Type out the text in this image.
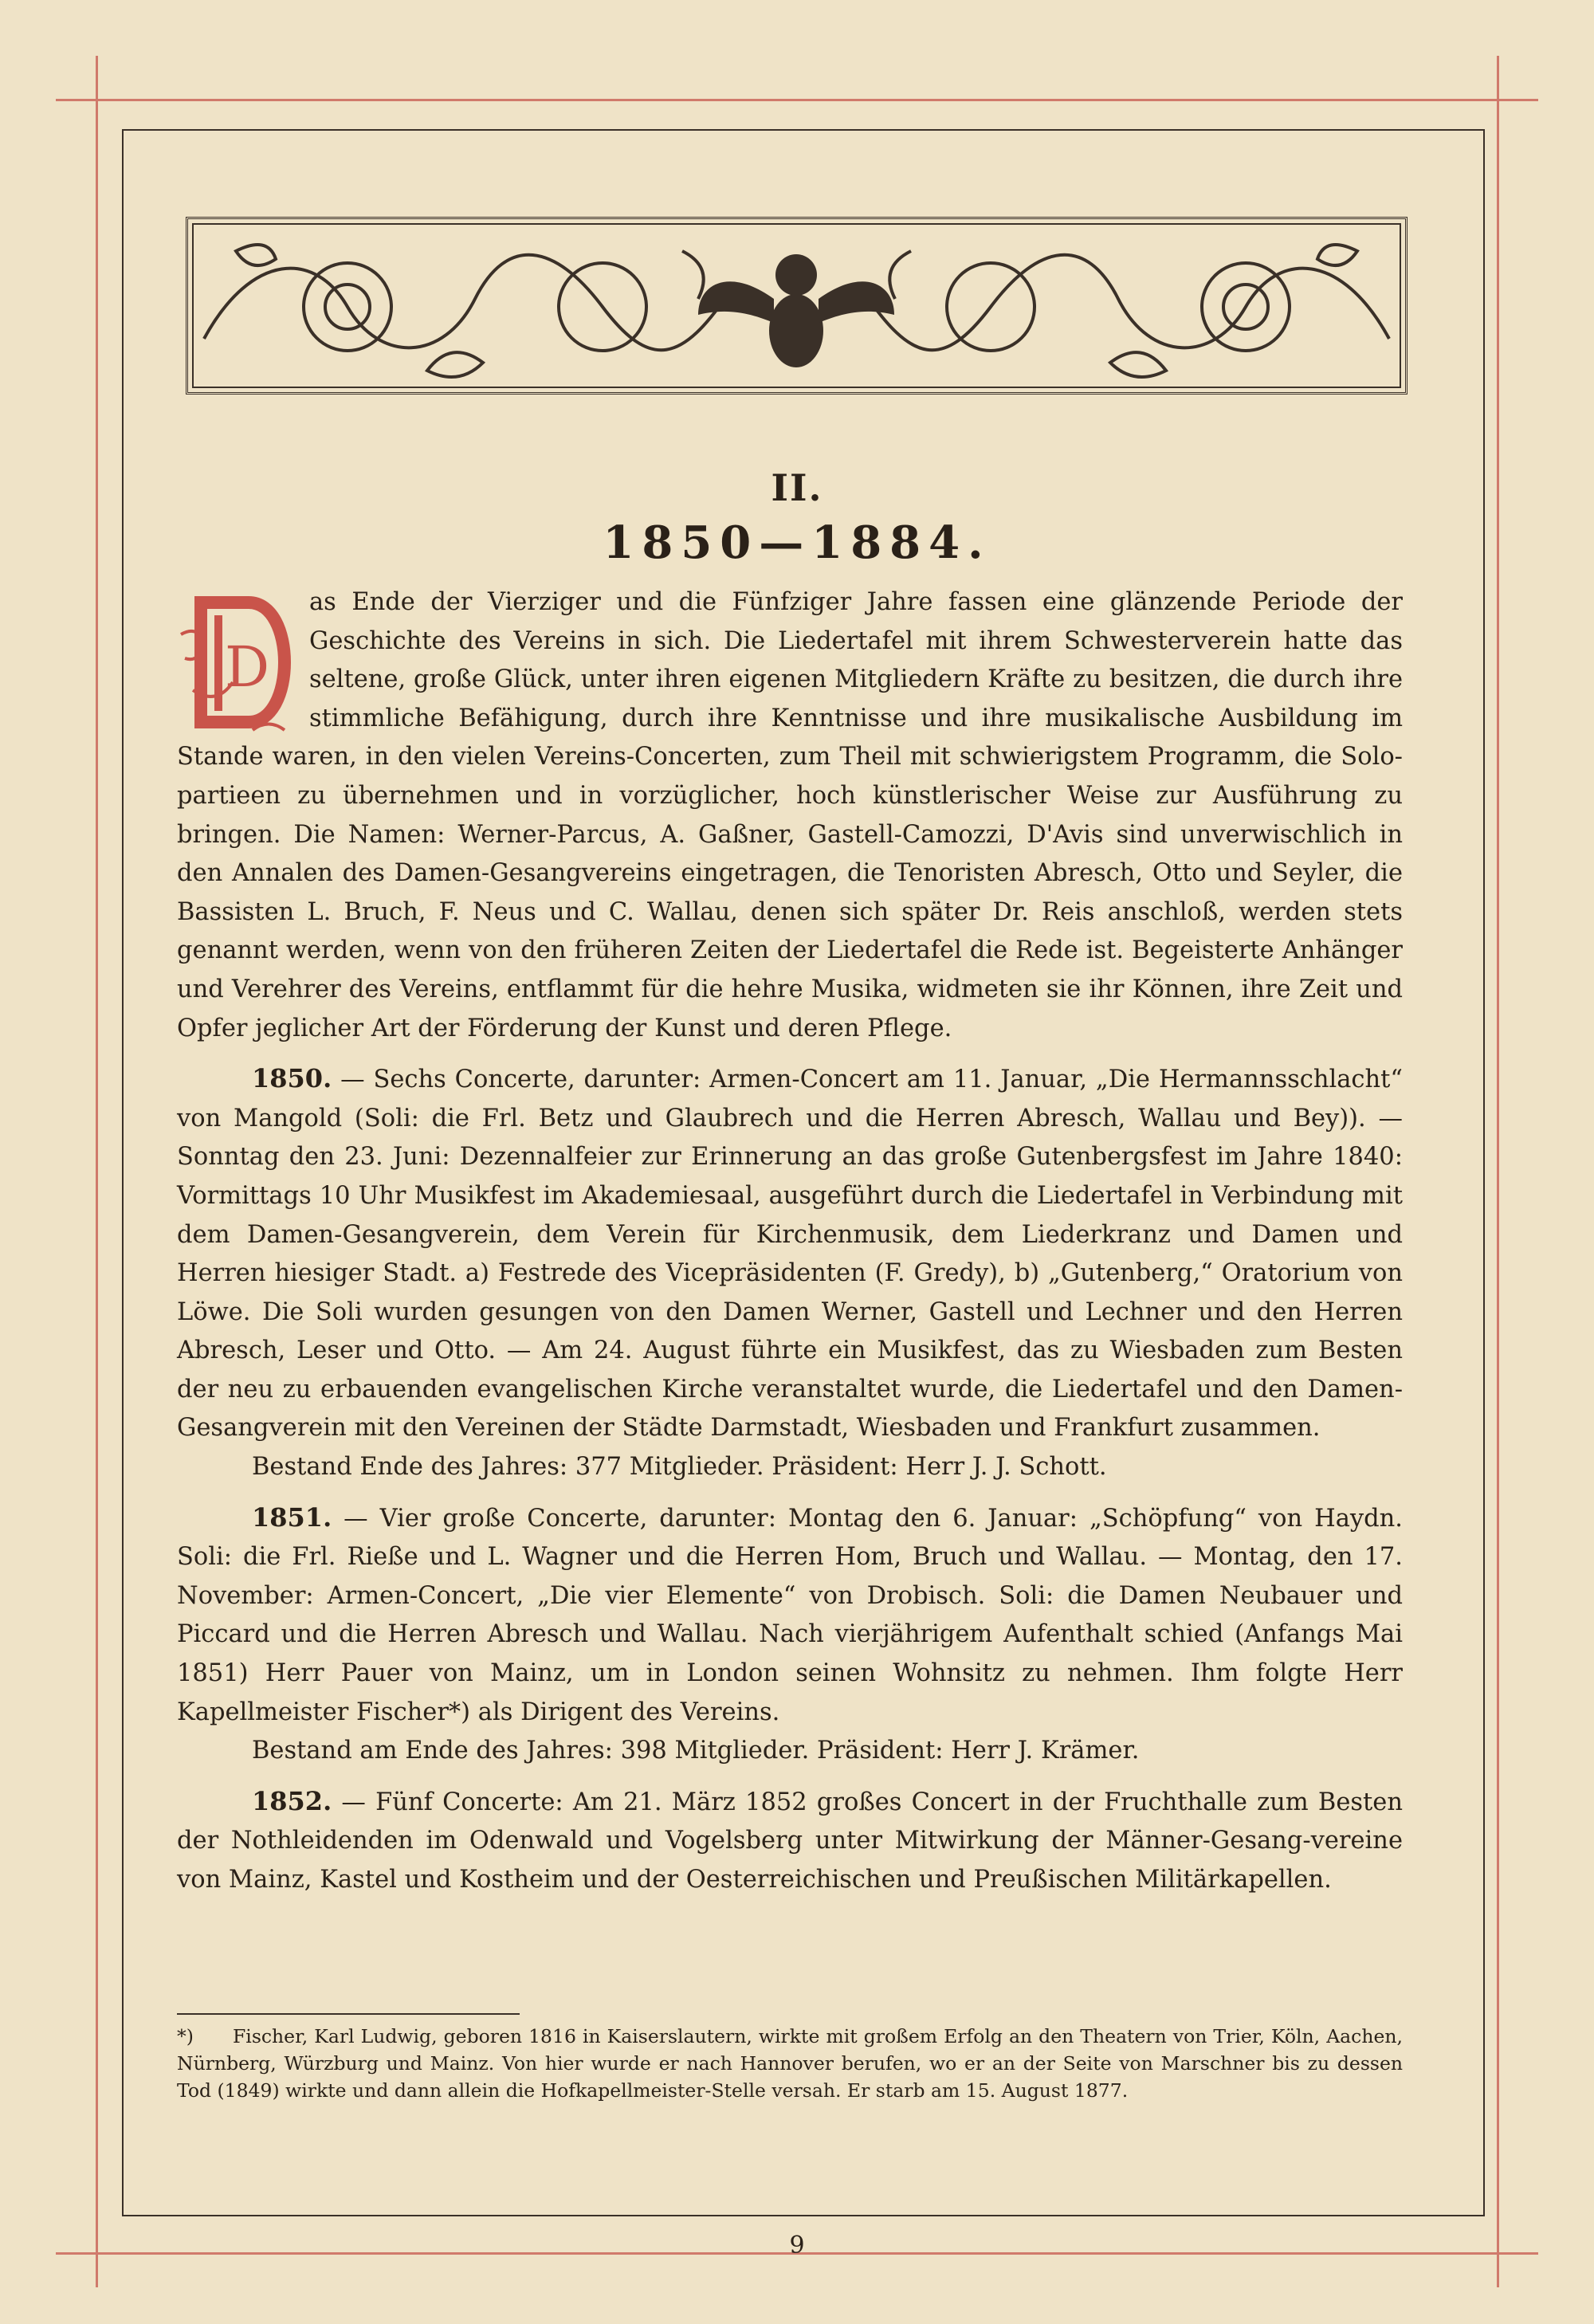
II.
1850—1884.

D
as Ende der Vierziger und die Fünfziger Jahre fassen eine glänzende Periode der Geschichte des Vereins in sich. Die Liedertafel mit ihrem Schwesterverein hatte das seltene, große Glück, unter ihren eigenen Mitgliedern Kräfte zu besitzen, die durch ihre stimmliche Befähigung, durch ihre Kenntnisse und ihre musikalische Ausbildung im Stande waren, in den vielen Vereins-Concerten, zum Theil mit schwierigstem Programm, die Solo-partieen zu übernehmen und in vorzüglicher, hoch künstlerischer Weise zur Ausführung zu bringen. Die Namen: Werner-Parcus, A. Gaßner, Gastell-Camozzi, D'Avis sind unverwischlich in den Annalen des Damen-Gesangvereins eingetragen, die Tenoristen Abresch, Otto und Seyler, die Bassisten L. Bruch, F. Neus und C. Wallau, denen sich später Dr. Reis anschloß, werden stets genannt werden, wenn von den früheren Zeiten der Liedertafel die Rede ist. Begeisterte Anhänger und Verehrer des Vereins, entflammt für die hehre Musika, widmeten sie ihr Können, ihre Zeit und Opfer jeglicher Art der Förderung der Kunst und deren Pflege.

1850. — Sechs Concerte, darunter: Armen-Concert am 11. Januar, „Die Hermannsschlacht“ von Mangold (Soli: die Frl. Betz und Glaubrech und die Herren Abresch, Wallau und Bey)). — Sonntag den 23. Juni: Dezennalfeier zur Erinnerung an das große Gutenbergsfest im Jahre 1840: Vormittags 10 Uhr Musikfest im Akademiesaal, ausgeführt durch die Liedertafel in Verbindung mit dem Damen-Gesangverein, dem Verein für Kirchenmusik, dem Liederkranz und Damen und Herren hiesiger Stadt. a) Festrede des Vicepräsidenten (F. Gredy), b) „Gutenberg,“ Oratorium von Löwe. Die Soli wurden gesungen von den Damen Werner, Gastell und Lechner und den Herren Abresch, Leser und Otto. — Am 24. August führte ein Musikfest, das zu Wiesbaden zum Besten der neu zu erbauenden evangelischen Kirche veranstaltet wurde, die Liedertafel und den Damen-Gesangverein mit den Vereinen der Städte Darmstadt, Wiesbaden und Frankfurt zusammen.

Bestand Ende des Jahres: 377 Mitglieder. Präsident: Herr J. J. Schott.

1851. — Vier große Concerte, darunter: Montag den 6. Januar: „Schöpfung“ von Haydn. Soli: die Frl. Rieße und L. Wagner und die Herren Hom, Bruch und Wallau. — Montag, den 17. November: Armen-Concert, „Die vier Elemente“ von Drobisch. Soli: die Damen Neubauer und Piccard und die Herren Abresch und Wallau. Nach vierjährigem Aufenthalt schied (Anfangs Mai 1851) Herr Pauer von Mainz, um in London seinen Wohnsitz zu nehmen. Ihm folgte Herr Kapellmeister Fischer*) als Dirigent des Vereins.

Bestand am Ende des Jahres: 398 Mitglieder. Präsident: Herr J. Krämer.

1852. — Fünf Concerte: Am 21. März 1852 großes Concert in der Fruchthalle zum Besten der Nothleidenden im Odenwald und Vogelsberg unter Mitwirkung der Männer-Gesang-vereine von Mainz, Kastel und Kostheim und der Oesterreichischen und Preußischen Militärkapellen.

*) Fischer, Karl Ludwig, geboren 1816 in Kaiserslautern, wirkte mit großem Erfolg an den Theatern von Trier, Köln, Aachen, Nürnberg, Würzburg und Mainz. Von hier wurde er nach Hannover berufen, wo er an der Seite von Marschner bis zu dessen Tod (1849) wirkte und dann allein die Hofkapellmeister-Stelle versah. Er starb am 15. August 1877.
9
